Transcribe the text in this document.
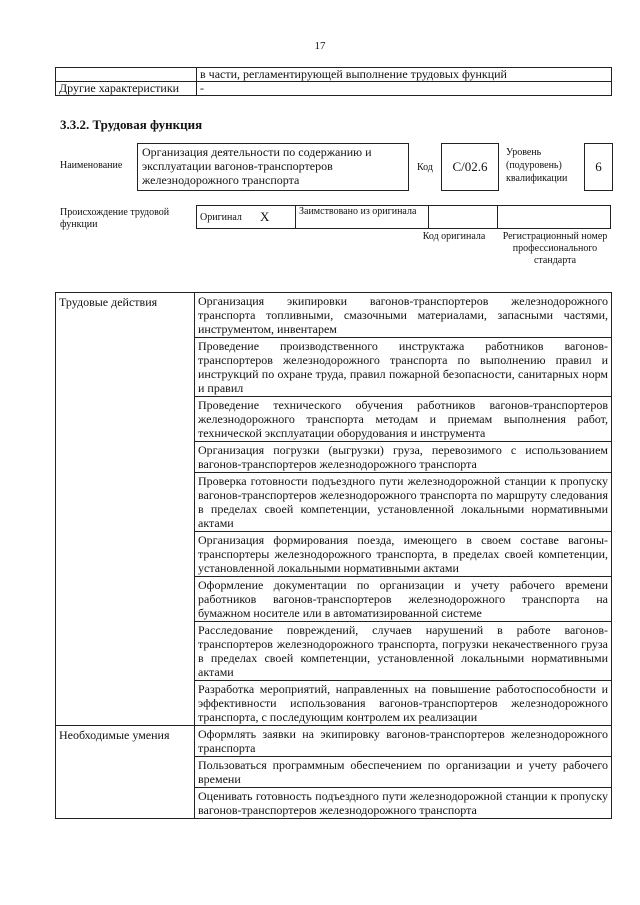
17
	в части, регламентирующей выполнение трудовых функций
Другие характеристики	-
3.3.2. Трудовая функция
Наименование
Организация деятельности по содержанию и эксплуатации вагонов-транспортеров железнодорожного транспорта
Код	C/02.6
Уровень (подуровень) квалификации
6
Происхождение трудовой функции
Оригинал	X	Заимствовано из оригинала		
Код оригинала	Регистрационный номер профессионального стандарта
Трудовые действия	Организация экипировки вагонов-транспортеров железнодорожного транспорта топливными, смазочными материалами, запасными частями, инструментом, инвентарем
	Проведение производственного инструктажа работников вагонов-транспортеров железнодорожного транспорта по выполнению правил и инструкций по охране труда, правил пожарной безопасности, санитарных норм и правил
	Проведение технического обучения работников вагонов-транспортеров железнодорожного транспорта методам и приемам выполнения работ, технической эксплуатации оборудования и инструмента
	Организация погрузки (выгрузки) груза, перевозимого с использованием вагонов-транспортеров железнодорожного транспорта
	Проверка готовности подъездного пути железнодорожной станции к пропуску вагонов-транспортеров железнодорожного транспорта по маршруту следования в пределах своей компетенции, установленной локальными нормативными актами
	Организация формирования поезда, имеющего в своем составе вагоны-транспортеры железнодорожного транспорта, в пределах своей компетенции, установленной локальными нормативными актами
	Оформление документации по организации и учету рабочего времени работников вагонов-транспортеров железнодорожного транспорта на бумажном носителе или в автоматизированной системе
	Расследование повреждений, случаев нарушений в работе вагонов-транспортеров железнодорожного транспорта, погрузки некачественного груза в пределах своей компетенции, установленной локальными нормативными актами
	Разработка мероприятий, направленных на повышение работоспособности и эффективности использования вагонов-транспортеров железнодорожного транспорта, с последующим контролем их реализации
Необходимые умения	Оформлять заявки на экипировку вагонов-транспортеров железнодорожного транспорта
	Пользоваться программным обеспечением по организации и учету рабочего времени
	Оценивать готовность подъездного пути железнодорожной станции к пропуску вагонов-транспортеров железнодорожного транспорта
